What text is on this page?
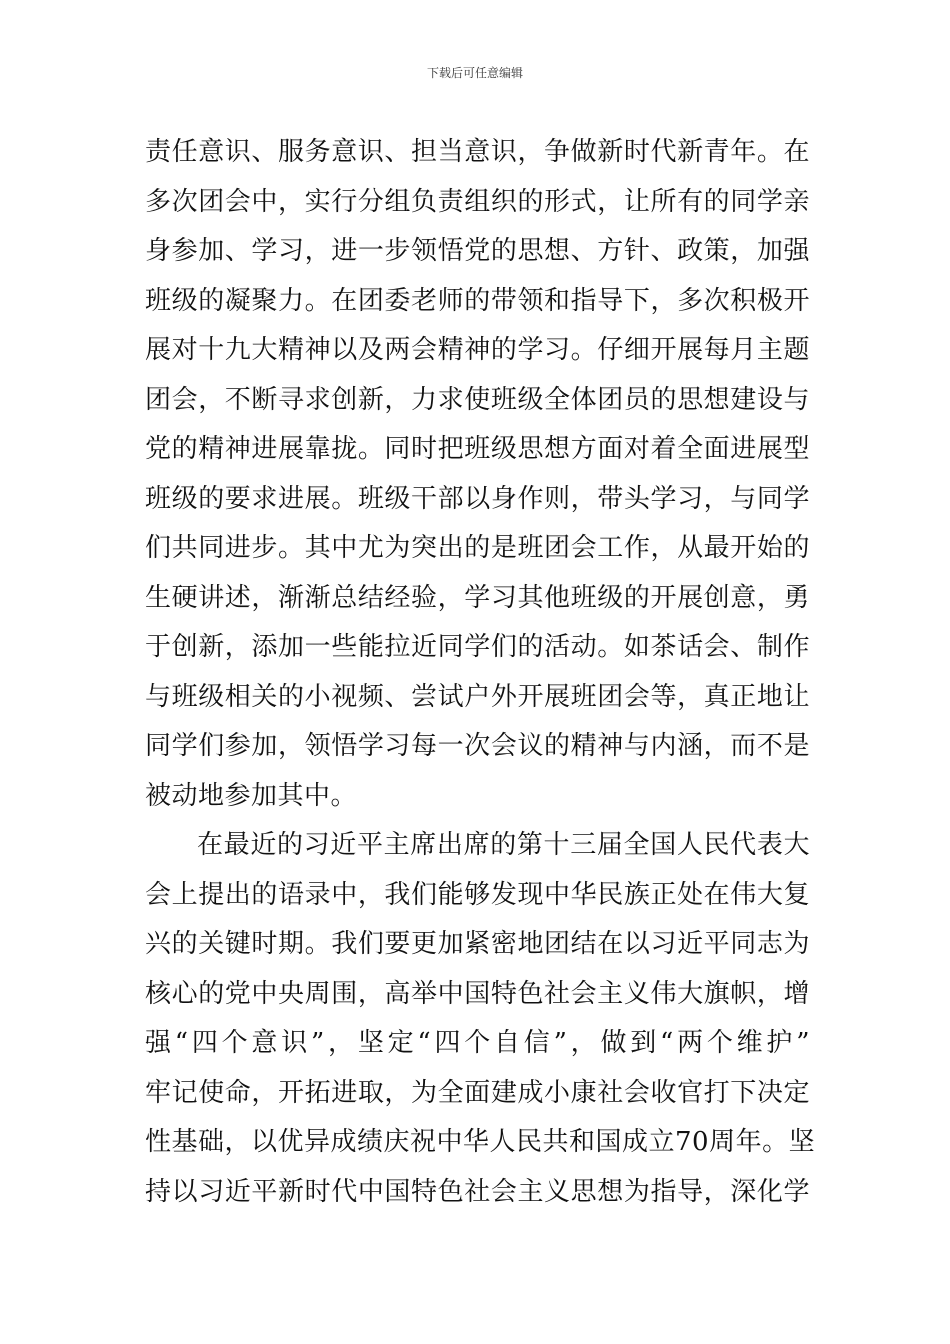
下载后可任意编辑
责任意识、服务意识、担当意识，争做新时代新青年。在
多次团会中，实行分组负责组织的形式，让所有的同学亲
身参加、学习，进一步领悟党的思想、方针、政策，加强
班级的凝聚力。在团委老师的带领和指导下，多次积极开
展对十九大精神以及两会精神的学习。仔细开展每月主题
团会，不断寻求创新，力求使班级全体团员的思想建设与
党的精神进展靠拢。同时把班级思想方面对着全面进展型
班级的要求进展。班级干部以身作则，带头学习，与同学
们共同进步。其中尤为突出的是班团会工作，从最开始的
生硬讲述，渐渐总结经验，学习其他班级的开展创意，勇
于创新，添加一些能拉近同学们的活动。如茶话会、制作
与班级相关的小视频、尝试户外开展班团会等，真正地让
同学们参加，领悟学习每一次会议的精神与内涵，而不是
被动地参加其中。
在最近的习近平主席出席的第十三届全国人民代表大
会上提出的语录中，我们能够发现中华民族正处在伟大复
兴的关键时期。我们要更加紧密地团结在以习近平同志为
核心的党中央周围，高举中国特色社会主义伟大旗帜，增
强“四个意识”，坚定“四个自信”，做到“两个维护”
牢记使命，开拓进取，为全面建成小康社会收官打下决定
性基础，以优异成绩庆祝中华人民共和国成立70周年。坚
持以习近平新时代中国特色社会主义思想为指导，深化学
